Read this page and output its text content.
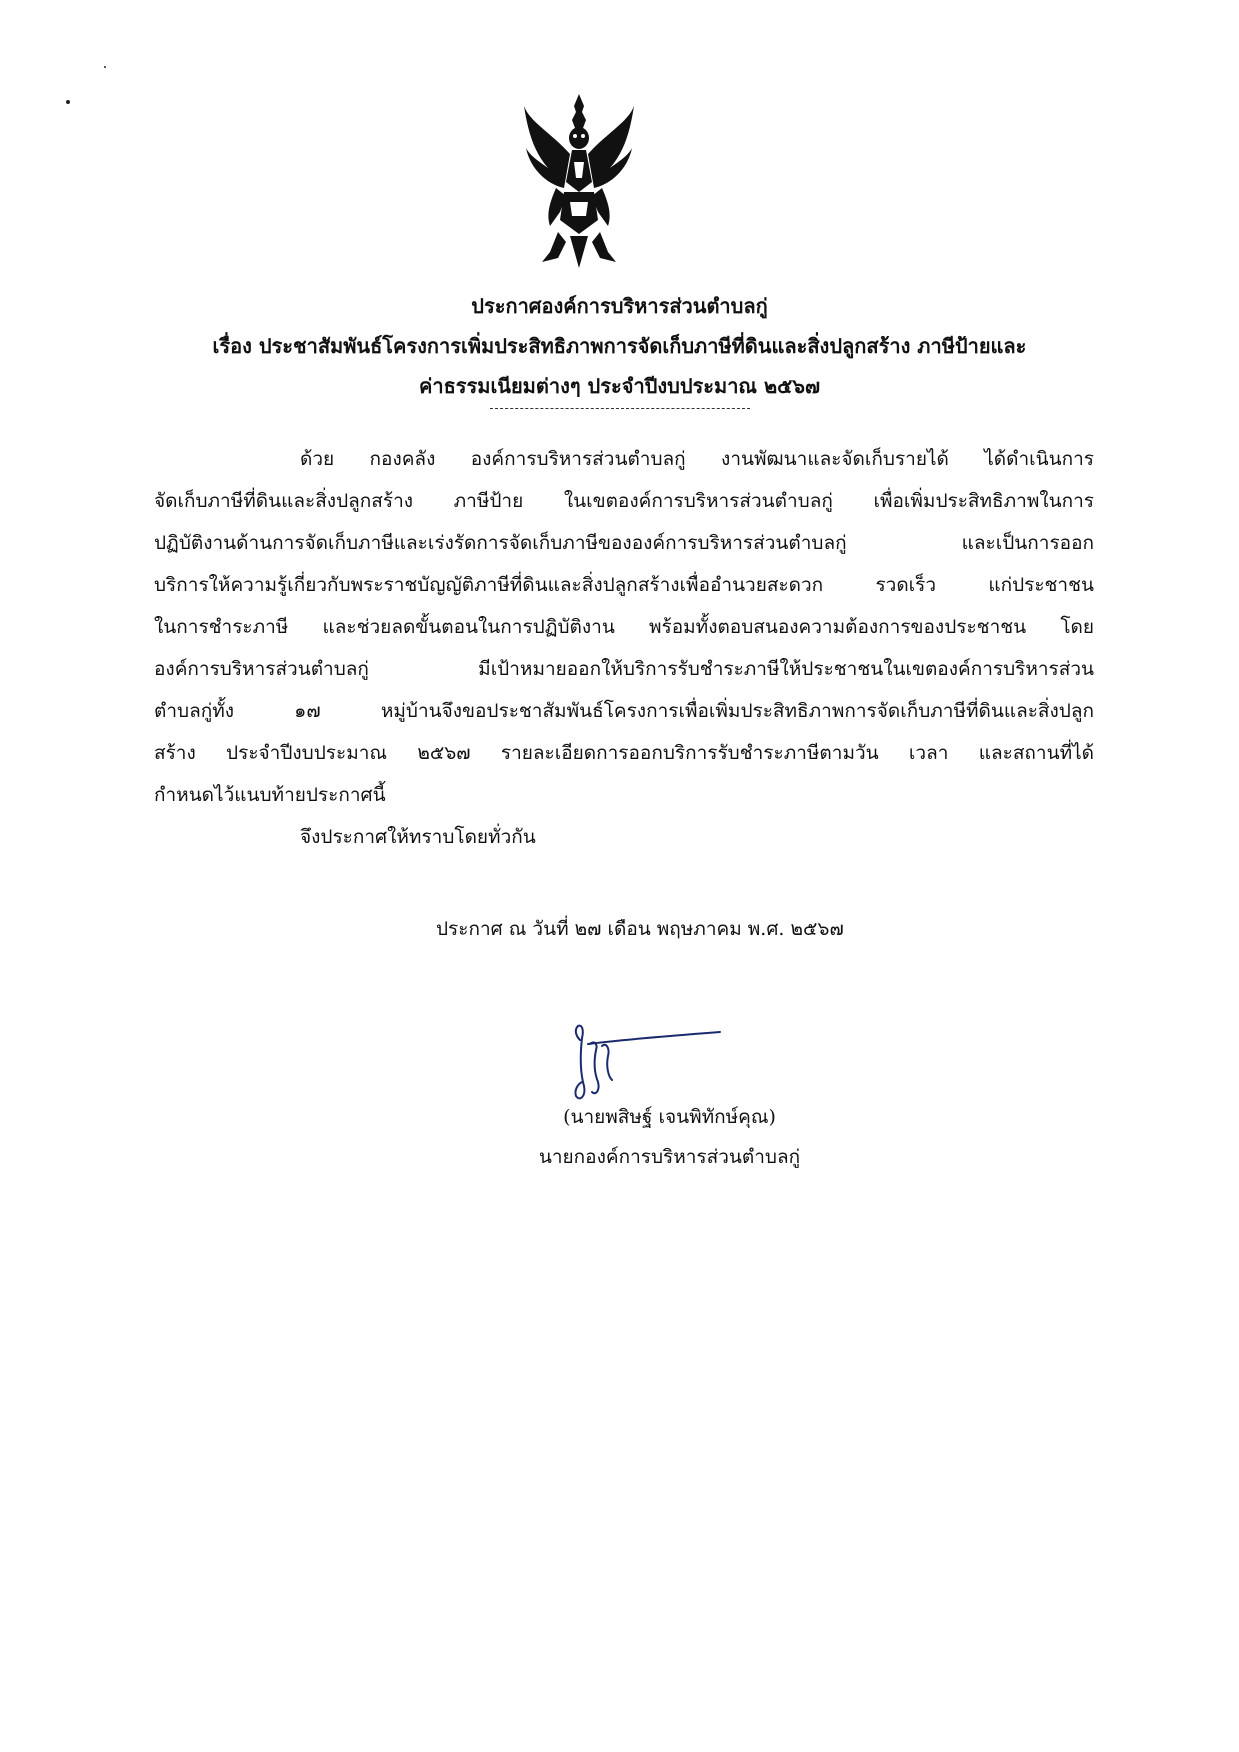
ประกาศองค์การบริหารส่วนตำบลกู่
เรื่อง ประชาสัมพันธ์โครงการเพิ่มประสิทธิภาพการจัดเก็บภาษีที่ดินและสิ่งปลูกสร้าง ภาษีป้ายและ
ค่าธรรมเนียมต่างๆ ประจำปีงบประมาณ ๒๕๖๗
ด้วย กองคลัง องค์การบริหารส่วนตำบลกู่ งานพัฒนาและจัดเก็บรายได้ ได้ดำเนินการ
จัดเก็บภาษีที่ดินและสิ่งปลูกสร้าง ภาษีป้าย ในเขตองค์การบริหารส่วนตำบลกู่ เพื่อเพิ่มประสิทธิภาพในการ
ปฏิบัติงานด้านการจัดเก็บภาษีและเร่งรัดการจัดเก็บภาษีขององค์การบริหารส่วนตำบลกู่ และเป็นการออก
บริการให้ความรู้เกี่ยวกับพระราชบัญญัติภาษีที่ดินและสิ่งปลูกสร้างเพื่ออำนวยสะดวก รวดเร็ว แก่ประชาชน
ในการชำระภาษี และช่วยลดขั้นตอนในการปฏิบัติงาน พร้อมทั้งตอบสนองความต้องการของประชาชน โดย
องค์การบริหารส่วนตำบลกู่ มีเป้าหมายออกให้บริการรับชำระภาษีให้ประชาชนในเขตองค์การบริหารส่วน
ตำบลกู่ทั้ง ๑๗ หมู่บ้านจึงขอประชาสัมพันธ์โครงการเพื่อเพิ่มประสิทธิภาพการจัดเก็บภาษีที่ดินและสิ่งปลูก
สร้าง ประจำปีงบประมาณ ๒๕๖๗ รายละเอียดการออกบริการรับชำระภาษีตามวัน เวลา และสถานที่ได้
กำหนดไว้แนบท้ายประกาศนี้
จึงประกาศให้ทราบโดยทั่วกัน
ประกาศ ณ วันที่ ๒๗ เดือน พฤษภาคม พ.ศ. ๒๕๖๗
(นายพสิษฐ์ เจนพิทักษ์คุณ)
นายกองค์การบริหารส่วนตำบลกู่
